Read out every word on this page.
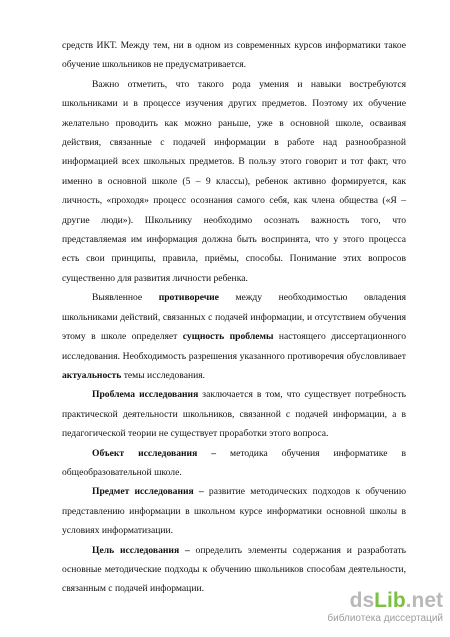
средств ИКТ. Между тем, ни в одном из современных курсов информатики такое обучение школьников не предусматривается.

Важно отметить, что такого рода умения и навыки востребуются школьниками и в процессе изучения других предметов. Поэтому их обучение желательно проводить как можно раньше, уже в основной школе, осваивая действия, связанные с подачей информации в работе над разнообразной информацией всех школьных предметов. В пользу этого говорит и тот факт, что именно в основной школе (5 – 9 классы), ребенок активно формируется, как личность, «проходя» процесс осознания самого себя, как члена общества («Я – другие люди»). Школьнику необходимо осознать важность того, что представляемая им информация должна быть воспринята, что у этого процесса есть свои принципы, правила, приёмы, способы. Понимание этих вопросов существенно для развития личности ребенка.

Выявленное противоречие между необходимостью овладения школьниками действий, связанных с подачей информации, и отсутствием обучения этому в школе определяет сущность проблемы настоящего диссертационного исследования. Необходимость разрешения указанного противоречия обусловливает актуальность темы исследования.

Проблема исследования заключается в том, что существует потребность практической деятельности школьников, связанной с подачей информации, а в педагогической теории не существует проработки этого вопроса.

Объект исследования – методика обучения информатике в общеобразовательной школе.

Предмет исследования – развитие методических подходов к обучению представлению информации в школьном курсе информатики основной школы в условиях информатизации.

Цель исследования – определить элементы содержания и разработать основные методические подходы к обучению школьников способам деятельности, связанным с подачей информации.

dsLib.net
библиотека диссертаций
